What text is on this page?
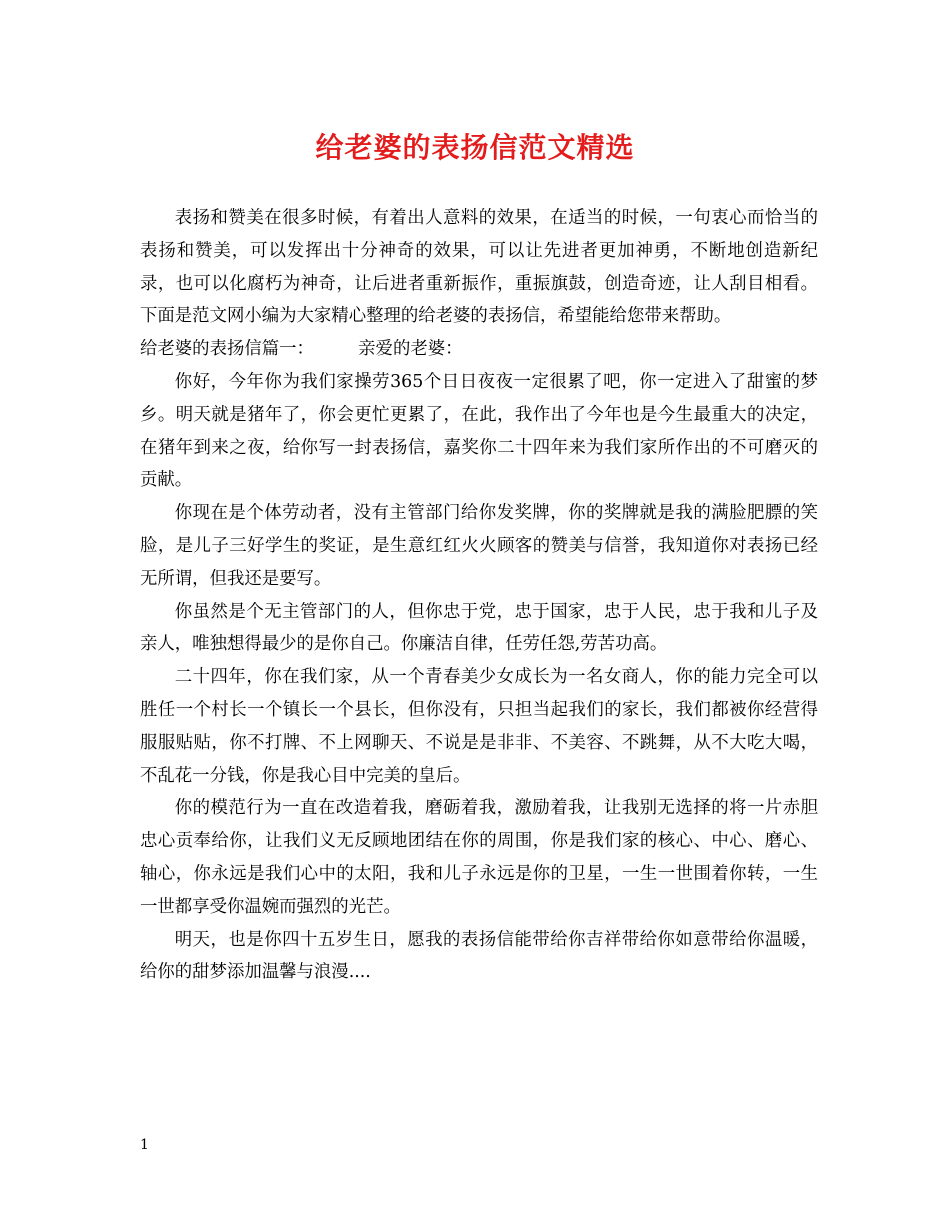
给老婆的表扬信范文精选

表扬和赞美在很多时候，有着出人意料的效果，在适当的时候，一句衷心而恰当的表扬和赞美，可以发挥出十分神奇的效果，可以让先进者更加神勇，不断地创造新纪录，也可以化腐朽为神奇，让后进者重新振作，重振旗鼓，创造奇迹，让人刮目相看。下面是范文网小编为大家精心整理的给老婆的表扬信，希望能给您带来帮助。

给老婆的表扬信篇一：	亲爱的老婆：

你好，今年你为我们家操劳365个日日夜夜一定很累了吧，你一定进入了甜蜜的梦乡。明天就是猪年了，你会更忙更累了，在此，我作出了今年也是今生最重大的决定，在猪年到来之夜，给你写一封表扬信，嘉奖你二十四年来为我们家所作出的不可磨灭的贡献。

你现在是个体劳动者，没有主管部门给你发奖牌，你的奖牌就是我的满脸肥膘的笑脸，是儿子三好学生的奖证，是生意红红火火顾客的赞美与信誉，我知道你对表扬已经无所谓，但我还是要写。

你虽然是个无主管部门的人，但你忠于党，忠于国家，忠于人民，忠于我和儿子及亲人，唯独想得最少的是你自己。你廉洁自律，任劳任怨,劳苦功高。

二十四年，你在我们家，从一个青春美少女成长为一名女商人，你的能力完全可以胜任一个村长一个镇长一个县长，但你没有，只担当起我们的家长，我们都被你经营得服服贴贴，你不打牌、不上网聊天、不说是是非非、不美容、不跳舞，从不大吃大喝，不乱花一分钱，你是我心目中完美的皇后。

你的模范行为一直在改造着我，磨砺着我，激励着我，让我别无选择的将一片赤胆忠心贡奉给你，让我们义无反顾地团结在你的周围，你是我们家的核心、中心、磨心、轴心，你永远是我们心中的太阳，我和儿子永远是你的卫星，一生一世围着你转，一生一世都享受你温婉而强烈的光芒。

明天，也是你四十五岁生日，愿我的表扬信能带给你吉祥带给你如意带给你温暖，给你的甜梦添加温馨与浪漫....

1
